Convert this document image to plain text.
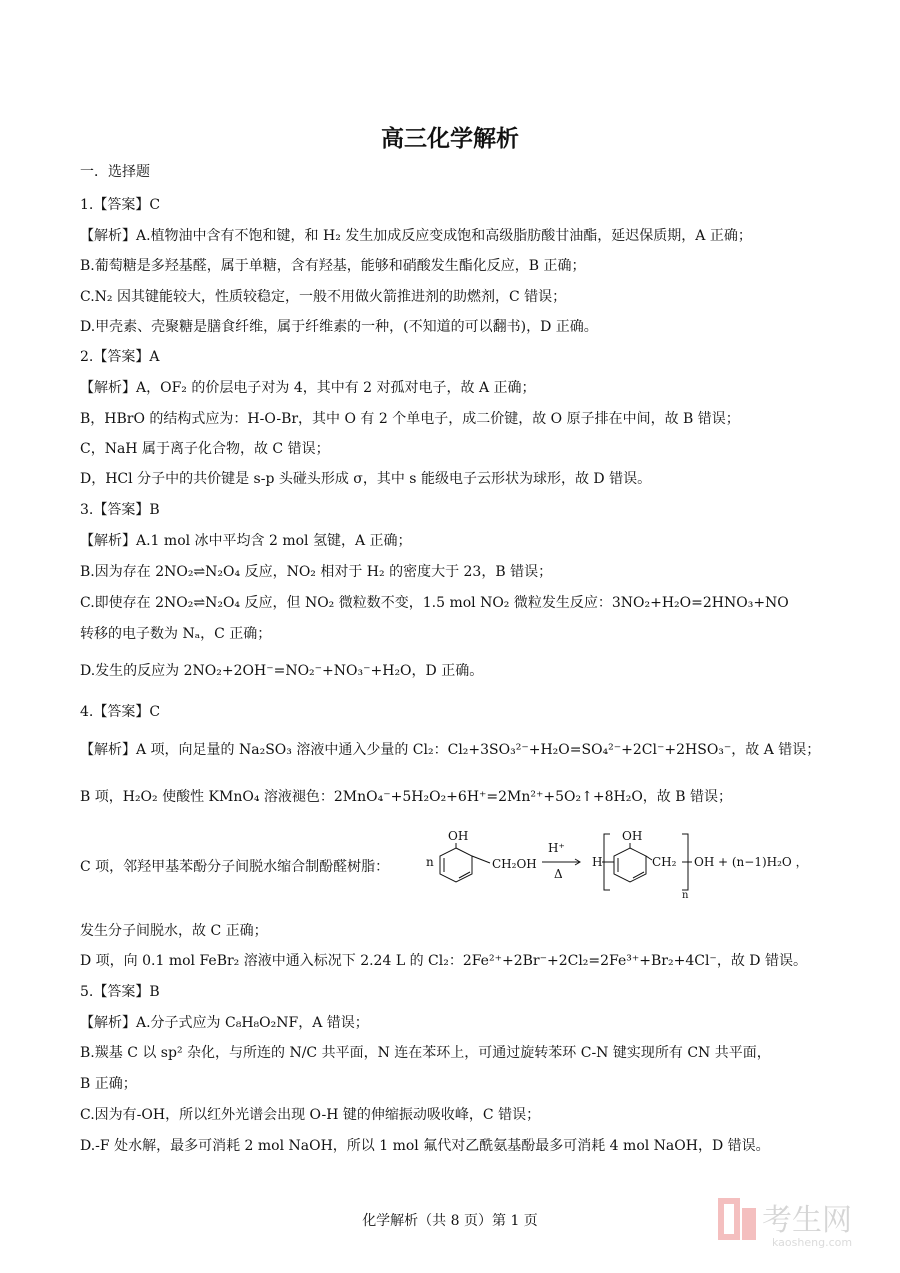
高三化学解析
一．选择题
1.【答案】C
【解析】A.植物油中含有不饱和键，和 H₂ 发生加成反应变成饱和高级脂肪酸甘油酯，延迟保质期，A 正确；
B.葡萄糖是多羟基醛，属于单糖，含有羟基，能够和硝酸发生酯化反应，B 正确；
C.N₂ 因其键能较大，性质较稳定，一般不用做火箭推进剂的助燃剂，C 错误；
D.甲壳素、壳聚糖是膳食纤维，属于纤维素的一种，(不知道的可以翻书)，D 正确。
2.【答案】A
【解析】A，OF₂ 的价层电子对为 4，其中有 2 对孤对电子，故 A 正确；
B，HBrO 的结构式应为：H-O-Br，其中 O 有 2 个单电子，成二价键，故 O 原子排在中间，故 B 错误；
C，NaH 属于离子化合物，故 C 错误；
D，HCl 分子中的共价键是 s-p 头碰头形成 σ，其中 s 能级电子云形状为球形，故 D 错误。
3.【答案】B
【解析】A.1 mol 冰中平均含 2 mol 氢键，A 正确；
B.因为存在 2NO₂⇌N₂O₄ 反应，NO₂ 相对于 H₂ 的密度大于 23，B 错误；
C.即使存在 2NO₂⇌N₂O₄ 反应，但 NO₂ 微粒数不变，1.5 mol NO₂ 微粒发生反应：3NO₂+H₂O=2HNO₃+NO
转移的电子数为 Nₐ，C 正确；
D.发生的反应为 2NO₂+2OH⁻=NO₂⁻+NO₃⁻+H₂O，D 正确。
4.【答案】C
【解析】A 项，向足量的 Na₂SO₃ 溶液中通入少量的 Cl₂：Cl₂+3SO₃²⁻+H₂O=SO₄²⁻+2Cl⁻+2HSO₃⁻，故 A 错误；
B 项，H₂O₂ 使酸性 KMnO₄ 溶液褪色：2MnO₄⁻+5H₂O₂+6H⁺=2Mn²⁺+5O₂↑+8H₂O，故 B 错误；
C 项，邻羟甲基苯酚分子间脱水缩合制酚醛树脂：	n
OH
CH₂OH
H⁺
Δ
H
OH
CH₂ OH
n
+ (n−1)H₂O ，
发生分子间脱水，故 C 正确；
D 项，向 0.1 mol FeBr₂ 溶液中通入标况下 2.24 L 的 Cl₂：2Fe²⁺+2Br⁻+2Cl₂=2Fe³⁺+Br₂+4Cl⁻，故 D 错误。
5.【答案】B
【解析】A.分子式应为 C₈H₈O₂NF，A 错误；
B.羰基 C 以 sp² 杂化，与所连的 N/C 共平面，N 连在苯环上，可通过旋转苯环 C-N 键实现所有 CN 共平面，
B 正确；
C.因为有-OH，所以红外光谱会出现 O-H 键的伸缩振动吸收峰，C 错误；
D.-F 处水解，最多可消耗 2 mol NaOH，所以 1 mol 氟代对乙酰氨基酚最多可消耗 4 mol NaOH，D 错误。
化学解析（共 8 页）第 1 页	考生网
kaosheng.com
